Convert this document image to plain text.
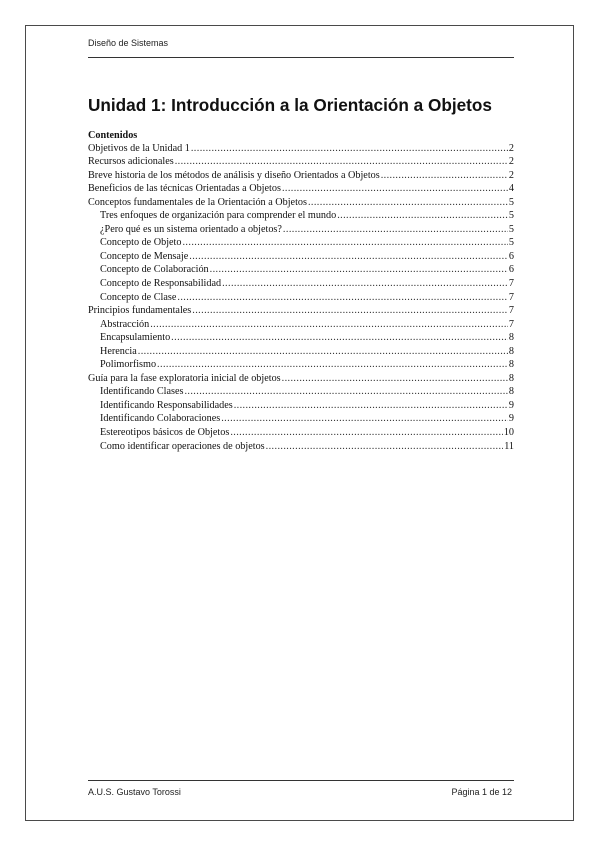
Diseño de Sistemas
Unidad 1: Introducción a la Orientación a Objetos
Contenidos
Objetivos de la Unidad 1 .....	2
Recursos adicionales .....	2
Breve historia de los métodos de análisis y diseño Orientados a Objetos .....	2
Beneficios de las técnicas Orientadas a Objetos .....	4
Conceptos fundamentales de la Orientación a Objetos .....	5
Tres enfoques de organización para comprender el mundo .....	5
¿Pero qué es un sistema orientado a objetos? .....	5
Concepto de Objeto .....	5
Concepto de Mensaje .....	6
Concepto de Colaboración .....	6
Concepto de Responsabilidad .....	7
Concepto de Clase .....	7
Principios fundamentales .....	7
Abstracción .....	7
Encapsulamiento .....	8
Herencia .....	8
Polimorfismo .....	8
Guía para la fase exploratoria inicial de objetos .....	8
Identificando Clases .....	8
Identificando Responsabilidades .....	9
Identificando Colaboraciones .....	9
Estereotipos básicos de Objetos .....	10
Como identificar operaciones de objetos .....	11
A.U.S. Gustavo Torossi	Página 1 de 12
